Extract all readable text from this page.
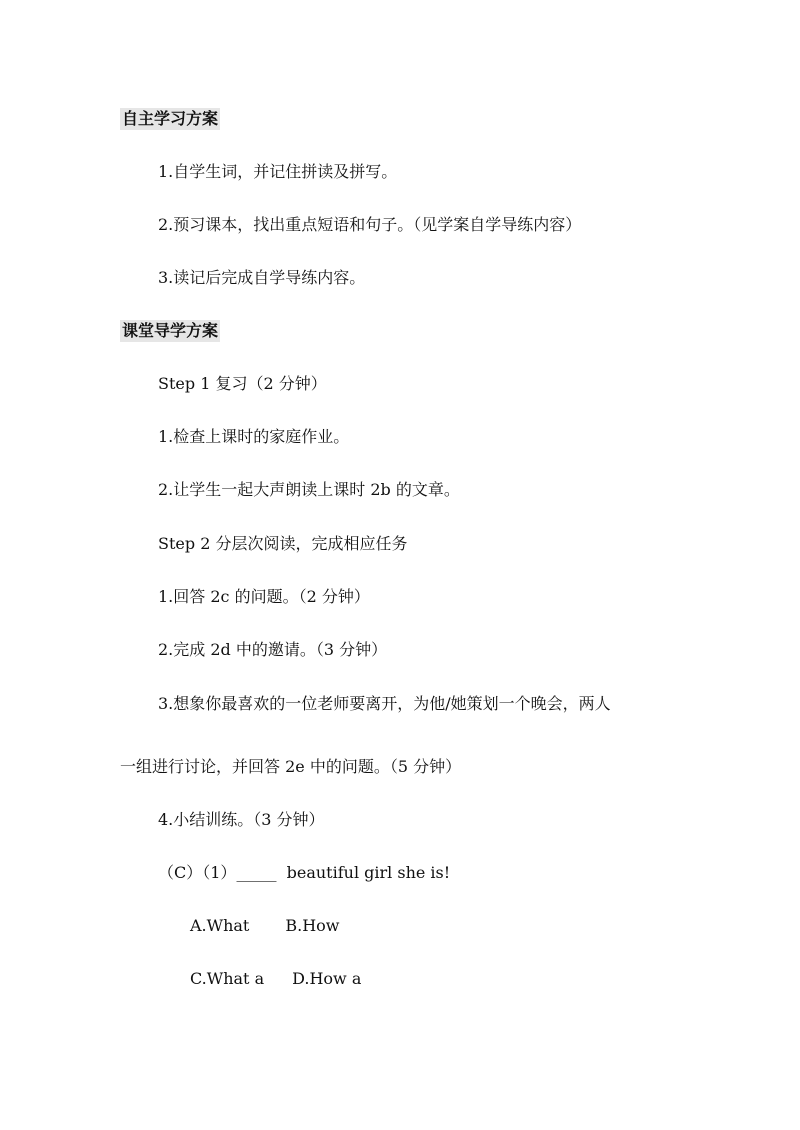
自主学习方案
1.自学生词，并记住拼读及拼写。
2.预习课本，找出重点短语和句子。（见学案自学导练内容）
3.读记后完成自学导练内容。
课堂导学方案
Step 1 复习（2 分钟）
1.检查上课时的家庭作业。
2.让学生一起大声朗读上课时 2b 的文章。
Step 2 分层次阅读，完成相应任务
1.回答 2c 的问题。（2 分钟）
2.完成 2d 中的邀请。（3 分钟）
3.想象你最喜欢的一位老师要离开，为他/她策划一个晚会，两人
一组进行讨论，并回答 2e 中的问题。（5 分钟）
4.小结训练。（3 分钟）
（C）（1）_____ beautiful girl she is!
A.What B.How
C.What a D.How a
